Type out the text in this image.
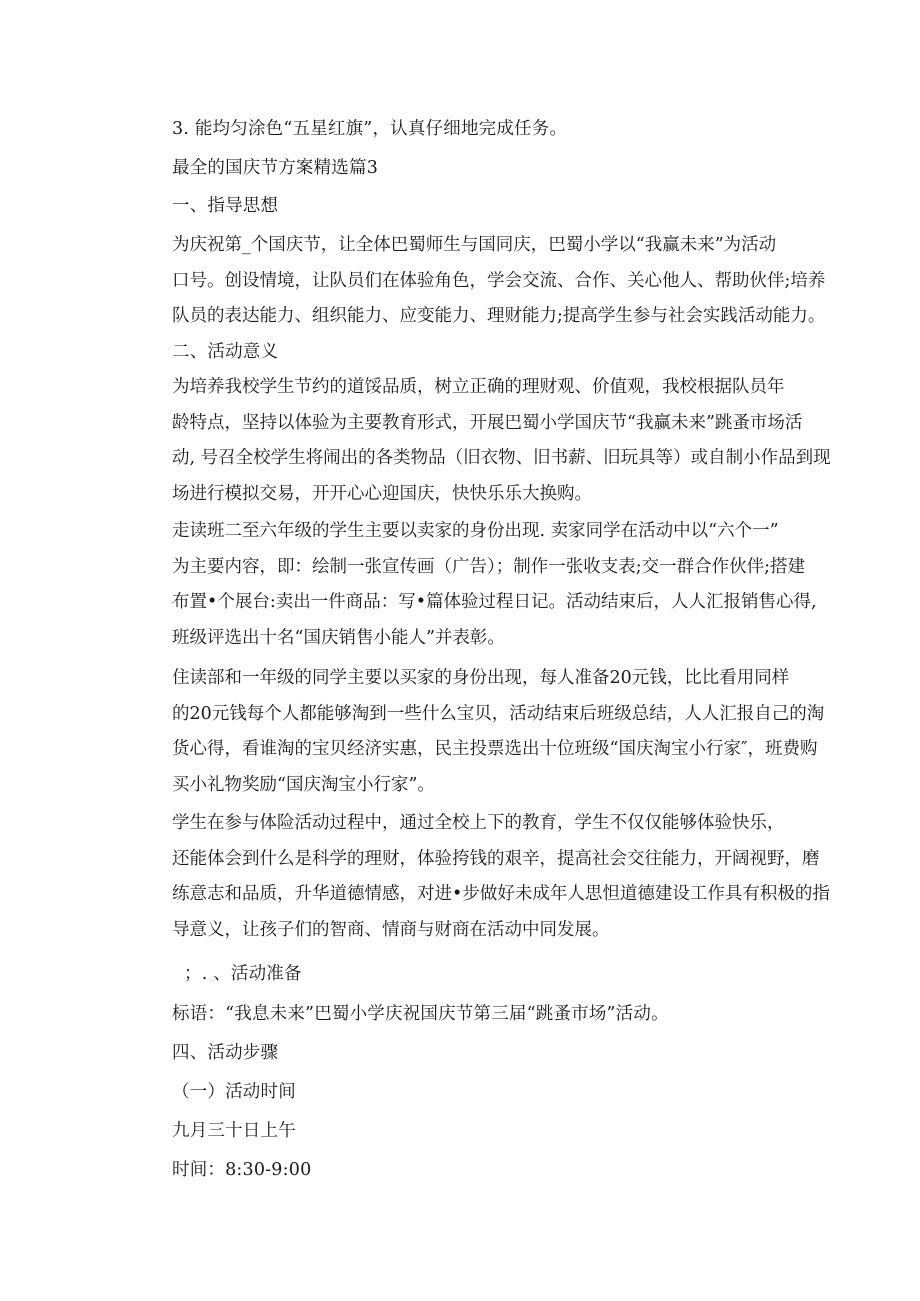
3. 能均匀涂色“五星红旗”，认真仔细地完成任务。
最全的国庆节方案精选篇3
一、指导思想
为庆祝第_个国庆节，让全体巴蜀师生与国同庆，巴蜀小学以“我赢未来”为活动
口号。创设情境，让队员们在体验角色，学会交流、合作、关心他人、帮助伙伴;培养
队员的表达能力、组织能力、应变能力、理财能力;提高学生参与社会实践活动能力。
二、活动意义
为培养我校学生节约的道馁品质，树立正确的理财观、价值观，我校根据队员年
龄特点，坚持以体验为主要教育形式，开展巴蜀小学国庆节“我赢未来”跳蚤市场活
动, 号召全校学生将闹出的各类物品（旧衣物、旧书薪、旧玩具等）或自制小作品到现
场进行模拟交易，开开心心迎国庆，快快乐乐大换购。
走读班二至六年级的学生主要以卖家的身份出现. 卖家同学在活动中以“六个一”
为主要内容，即：绘制一张宣传画（广告）；制作一张收支表;交一群合作伙伴;搭建
布置•个展台:卖出一件商品：写•篇体验过程日记。活动结束后，人人汇报销售心得,
班级评选出十名“国庆销售小能人”并表彰。
住读部和一年级的同学主要以买家的身份出现，每人准备20元钱，比比看用同样
的20元钱每个人都能够淘到一些什么宝贝，活动结束后班级总结，人人汇报自己的淘
货心得，看谁淘的宝贝经济实惠，民主投票选出十位班级“国庆淘宝小行家″，班费购
买小礼物奖励“国庆淘宝小行家”。
学生在参与体险活动过程中，通过全校上下的教育，学生不仅仅能够体验快乐，
还能体会到什么是科学的理财，体验挎钱的艰辛，提高社会交往能力，开阔视野，磨
练意志和品质，升华道德情感，对进•步做好未成年人思怛道德建设工作具有积极的指
导意义，让孩子们的智商、情商与财商在活动中同发展。
；. 、活动准备
标语：“我息未来”巴蜀小学庆祝国庆节第三届“跳蚤市场”活动。
四、活动步骤
（一）活动时间
九月三十日上午
时间：8:30-9:00
